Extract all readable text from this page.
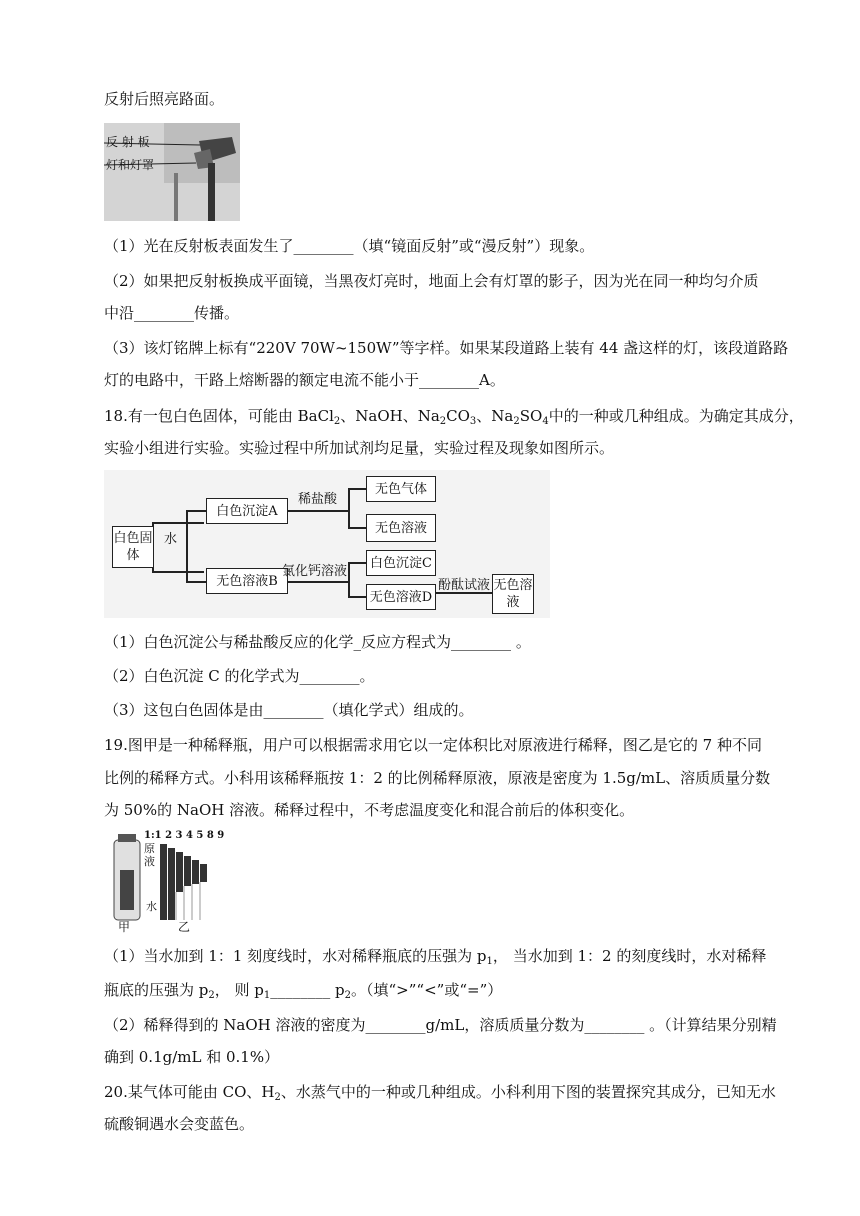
反射后照亮路面。
反 射 板
灯和灯罩
（1）光在反射板表面发生了________（填“镜面反射”或“漫反射”）现象。
（2）如果把反射板换成平面镜，当黑夜灯亮时，地面上会有灯罩的影子，因为光在同一种均匀介质
中沿________传播。
（3）该灯铭牌上标有“220V 70W~150W”等字样。如果某段道路上装有 44 盏这样的灯，该段道路路
灯的电路中，干路上熔断器的额定电流不能小于________A。
18.有一包白色固体，可能由 BaCl$_2$、NaOH、$Na_2CO_3$、$Na_2SO_4$中的一种或几种组成。为确定其成分，
实验小组进行实验。实验过程中所加试剂均足量，实验过程及现象如图所示。
白色固体
水
白色沉淀A
稀盐酸
无色气体
无色溶液
无色溶液B
氯化钙溶液
白色沉淀C
无色溶液D
酚酞试液 无色溶液
（1）白色沉淀公与稀盐酸反应的化学_反应方程式为________ 。
（2）白色沉淀 C 的化学式为________。
（3）这包白色固体是由________（填化学式）组成的。
19.图甲是一种稀释瓶，用户可以根据需求用它以一定体积比对原液进行稀释，图乙是它的 7 种不同
比例的稀释方式。小科用该稀释瓶按 1：2 的比例稀释原液，原液是密度为 1.5g/mL、溶质质量分数
为 50%的 NaOH 溶液。稀释过程中，不考虑温度变化和混合前后的体积变化。
1:1 2 3 4 5 8 9
原液
水
甲	乙
（1）当水加到 1：1 刻度线时，水对稀释瓶底的压强为 $p_1$， 当水加到 1：2 的刻度线时，水对稀释
瓶底的压强为 $p_2$， 则 $p_1\_\_\_\_\_\_\_\_$ $p_2$。（填“>”“<”或“=”）
（2）稀释得到的 NaOH 溶液的密度为________g/mL，溶质质量分数为________ 。（计算结果分别精
确到 0.1g/mL 和 0.1%）
20.某气体可能由 CO、$H_2$、水蒸气中的一种或几种组成。小科利用下图的装置探究其成分，已知无水
硫酸铜遇水会变蓝色。
